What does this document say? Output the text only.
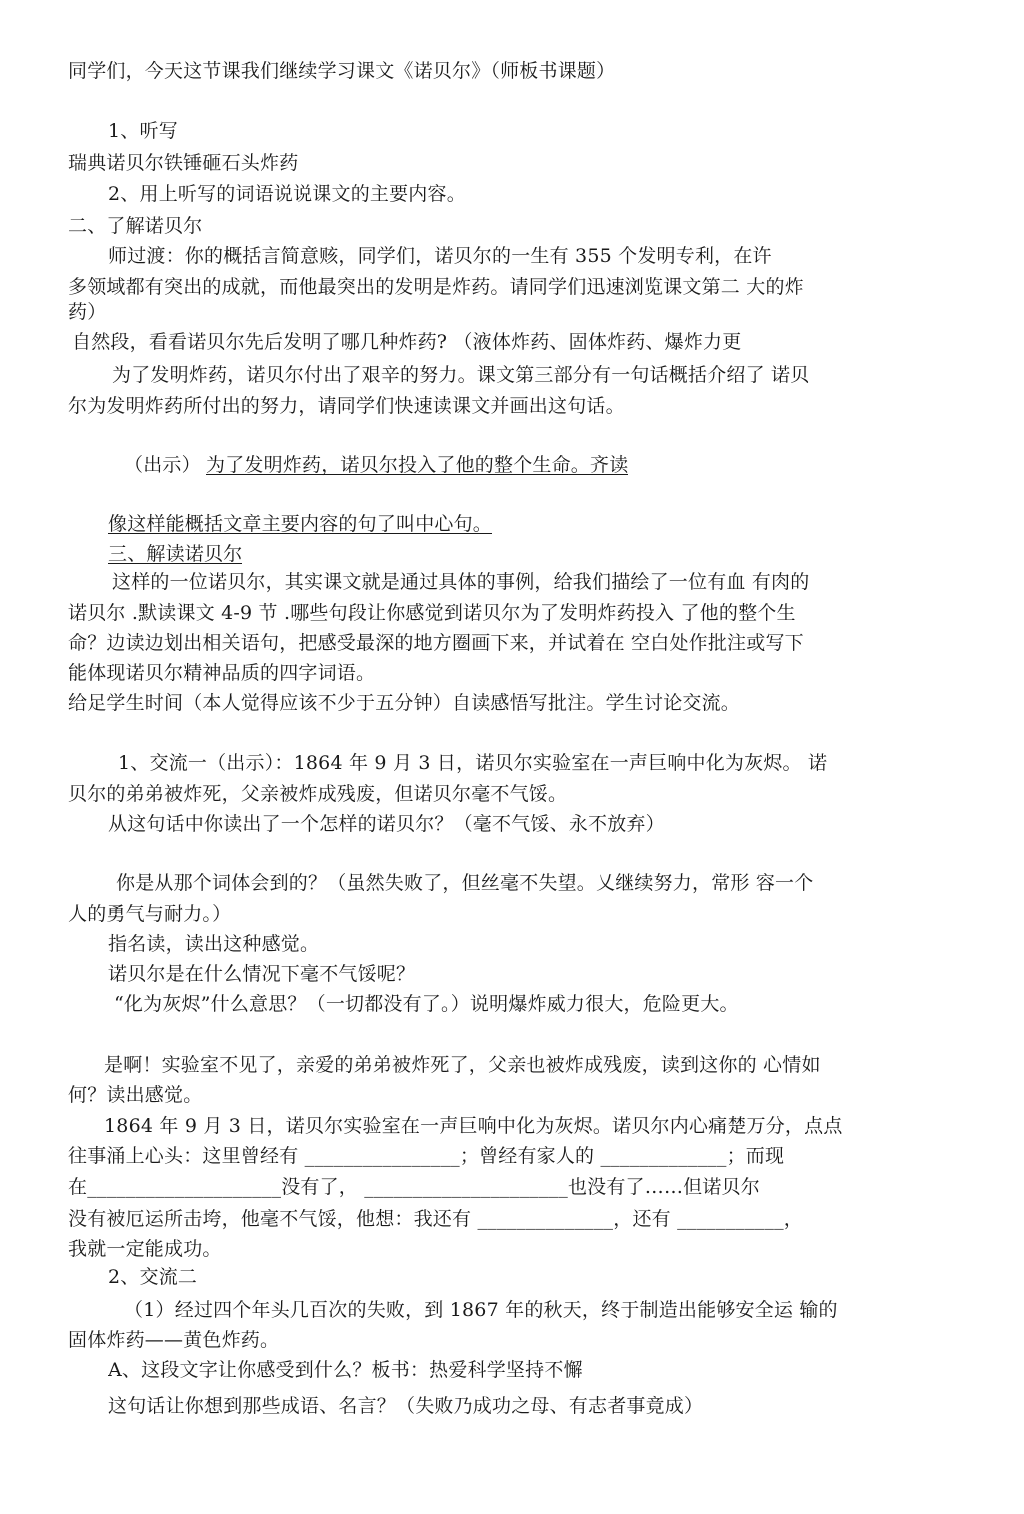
同学们，今天这节课我们继续学习课文《诺贝尔》（师板书课题）
1、听写
瑞典诺贝尔铁锤砸石头炸药
2、用上听写的词语说说课文的主要内容。
二、了解诺贝尔
师过渡：你的概括言简意赅，同学们，诺贝尔的一生有 355 个发明专利，在许
多领域都有突出的成就，而他最突出的发明是炸药。请同学们迅速浏览课文第二 大的炸
药）
自然段，看看诺贝尔先后发明了哪几种炸药? （液体炸药、固体炸药、爆炸力更
为了发明炸药，诺贝尔付出了艰辛的努力。课文第三部分有一句话概括介绍了 诺贝
尔为发明炸药所付出的努力，请同学们快速读课文并画出这句话。
（出示） 为了发明炸药，诺贝尔投入了他的整个生命。齐读
像这样能概括文章主要内容的句了叫中心句。
三、解读诺贝尔
这样的一位诺贝尔，其实课文就是通过具体的事例，给我们描绘了一位有血 有肉的
诺贝尔 .默读课文 4-9 节 .哪些句段让你感觉到诺贝尔为了发明炸药投入 了他的整个生
命？边读边划出相关语句，把感受最深的地方圈画下来，并试着在 空白处作批注或写下
能体现诺贝尔精神品质的四字词语。
给足学生时间（本人觉得应该不少于五分钟）自读感悟写批注。学生讨论交流。
1、交流一（出示）：1864 年 9 月 3 日，诺贝尔实验室在一声巨响中化为灰烬。 诺
贝尔的弟弟被炸死，父亲被炸成残废，但诺贝尔毫不气馁。
从这句话中你读出了一个怎样的诺贝尔？（毫不气馁、永不放弃）
你是从那个词体会到的？（虽然失败了，但丝毫不失望。乂继续努力，常形 容一个
人的勇气与耐力。）
指名读，读出这种感觉。
诺贝尔是在什么情况下毫不气馁呢？
“化为灰烬”什么意思？（一切都没有了。）说明爆炸威力很大，危险更大。
是啊！实验室不见了，亲爱的弟弟被炸死了，父亲也被炸成残废，读到这你的 心情如
何？读出感觉。
1864 年 9 月 3 日，诺贝尔实验室在一声巨响中化为灰烬。诺贝尔内心痛楚万分，点点
往事涌上心头：这里曾经有 ________________；曾经有家人的 _____________；而现
在____________________没有了， _____________________也没有了……但诺贝尔
没有被厄运所击垮，他毫不气馁，他想：我还有 ______________，还有 ___________，
我就一定能成功。
2、交流二
（1）经过四个年头几百次的失败，到 1867 年的秋天，终于制造出能够安全运 输的
固体炸药——黄色炸药。
A、这段文字让你感受到什么？板书：热爱科学坚持不懈
这句话让你想到那些成语、名言？（失败乃成功之母、有志者事竟成）
